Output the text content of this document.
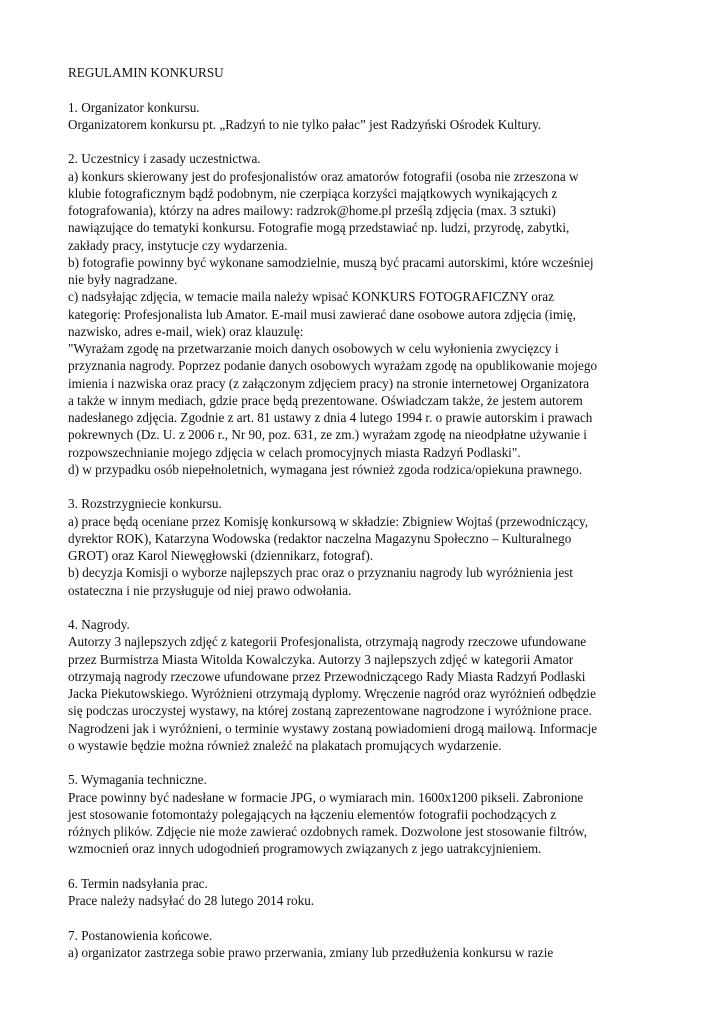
REGULAMIN KONKURSU
1. Organizator konkursu.
Organizatorem konkursu pt. „Radzyń to nie tylko pałac” jest Radzyński Ośrodek Kultury.
2. Uczestnicy i zasady uczestnictwa.
a) konkurs skierowany jest do profesjonalistów oraz amatorów fotografii (osoba nie zrzeszona w
klubie fotograficznym bądź podobnym, nie czerpiąca korzyści majątkowych wynikających z
fotografowania), którzy na adres mailowy: radzrok@home.pl prześlą zdjęcia (max. 3 sztuki)
nawiązujące do tematyki konkursu. Fotografie mogą przedstawiać np. ludzi, przyrodę, zabytki,
zakłady pracy, instytucje czy wydarzenia.
b) fotografie powinny być wykonane samodzielnie, muszą być pracami autorskimi, które wcześniej
nie były nagradzane.
c) nadsyłając zdjęcia, w temacie maila należy wpisać KONKURS FOTOGRAFICZNY oraz
kategorię: Profesjonalista lub Amator. E-mail musi zawierać dane osobowe autora zdjęcia (imię,
nazwisko, adres e-mail, wiek) oraz klauzulę:
"Wyrażam zgodę na przetwarzanie moich danych osobowych w celu wyłonienia zwycięzcy i
przyznania nagrody. Poprzez podanie danych osobowych wyrażam zgodę na opublikowanie mojego
imienia i nazwiska oraz pracy (z załączonym zdjęciem pracy) na stronie internetowej Organizatora
a także w innym mediach, gdzie prace będą prezentowane. Oświadczam także, że jestem autorem
nadesłanego zdjęcia. Zgodnie z art. 81 ustawy z dnia 4 lutego 1994 r. o prawie autorskim i prawach
pokrewnych (Dz. U. z 2006 r., Nr 90, poz. 631, ze zm.) wyrażam zgodę na nieodpłatne używanie i
rozpowszechnianie mojego zdjęcia w celach promocyjnych miasta Radzyń Podlaski".
d) w przypadku osób niepełnoletnich, wymagana jest również zgoda rodzica/opiekuna prawnego.
3. Rozstrzygniecie konkursu.
a) prace będą oceniane przez Komisję konkursową w składzie: Zbigniew Wojtaś (przewodniczący,
dyrektor ROK), Katarzyna Wodowska (redaktor naczelna Magazynu Społeczno – Kulturalnego
GROT) oraz Karol Niewęgłowski (dziennikarz, fotograf).
b) decyzja Komisji o wyborze najlepszych prac oraz o przyznaniu nagrody lub wyróżnienia jest
ostateczna i nie przysługuje od niej prawo odwołania.
4. Nagrody.
Autorzy 3 najlepszych zdjęć z kategorii Profesjonalista, otrzymają nagrody rzeczowe ufundowane
przez Burmistrza Miasta Witolda Kowalczyka. Autorzy 3 najlepszych zdjęć w kategorii Amator
otrzymają nagrody rzeczowe ufundowane przez Przewodniczącego Rady Miasta Radzyń Podlaski
Jacka Piekutowskiego. Wyróżnieni otrzymają dyplomy. Wręczenie nagród oraz wyróżnień odbędzie
się podczas uroczystej wystawy, na której zostaną zaprezentowane nagrodzone i wyróżnione prace.
Nagrodzeni jak i wyróżnieni, o terminie wystawy zostaną powiadomieni drogą mailową. Informacje
o wystawie będzie można również znaleźć na plakatach promujących wydarzenie.
5. Wymagania techniczne.
Prace powinny być nadesłane w formacie JPG, o wymiarach min. 1600x1200 pikseli. Zabronione
jest stosowanie fotomontaży polegających na łączeniu elementów fotografii pochodzących z
różnych plików. Zdjęcie nie może zawierać ozdobnych ramek. Dozwolone jest stosowanie filtrów,
wzmocnień oraz innych udogodnień programowych związanych z jego uatrakcyjnieniem.
6. Termin nadsyłania prac.
Prace należy nadsyłać do 28 lutego 2014 roku.
7. Postanowienia końcowe.
a) organizator zastrzega sobie prawo przerwania, zmiany lub przedłużenia konkursu w razie
